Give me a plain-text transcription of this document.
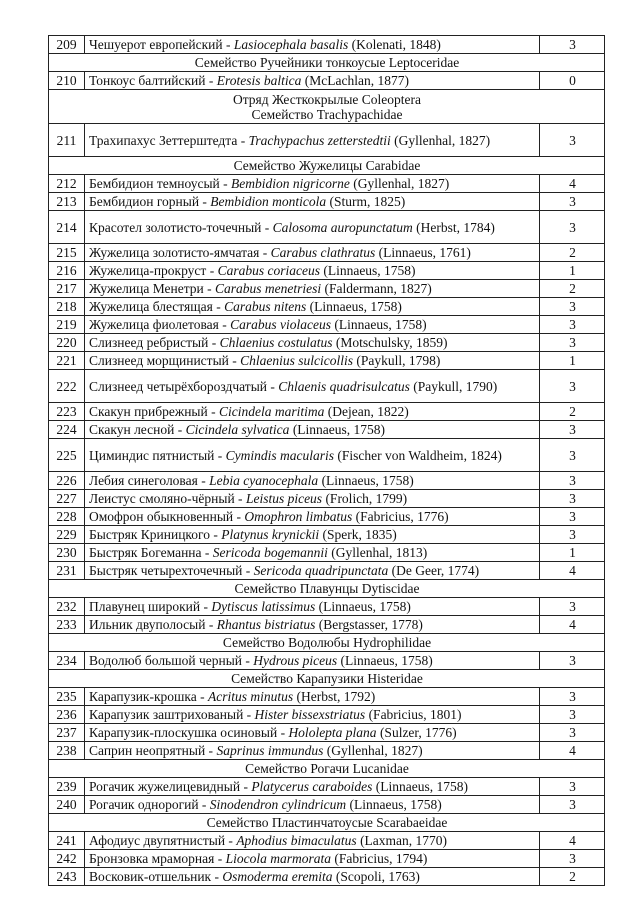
209	Чешуерот европейский - Lasiocephala basalis (Kolenati, 1848)	3

Семейство Ручейники тонкоусые Leptoceridae		

210	Тонкоус балтийский - Erotesis baltica (McLachlan, 1877)	0

Отряд Жесткокрылые Coleoptera
Семейство Trachypachidae		

211	Трахипахус Зеттерштедта - Trachypachus zetterstedtii (Gyllenhal, 1827)	3

Семейство Жужелицы Carabidae		

212	Бембидион темноусый - Bembidion nigricorne (Gyllenhal, 1827)	4
213	Бембидион горный - Bembidion monticola (Sturm, 1825)	3
214	Красотел золотисто-точечный - Calosoma auropunctatum (Herbst, 1784)	3
215	Жужелица золотисто-ямчатая - Carabus clathratus (Linnaeus, 1761)	2
216	Жужелица-прокруст - Carabus coriaceus (Linnaeus, 1758)	1
217	Жужелица Менетри - Carabus menetriesi (Faldermann, 1827)	2
218	Жужелица блестящая - Carabus nitens (Linnaeus, 1758)	3
219	Жужелица фиолетовая - Carabus violaceus (Linnaeus, 1758)	3
220	Слизнеед ребристый - Chlaenius costulatus (Motschulsky, 1859)	3
221	Слизнеед морщинистый - Chlaenius sulcicollis (Paykull, 1798)	1
222	Слизнеед четырёхбороздчатый - Chlaenis quadrisulcatus (Paykull, 1790)	3
223	Скакун прибрежный - Cicindela maritima (Dejean, 1822)	2
224	Скакун лесной - Cicindela sylvatica (Linnaeus, 1758)	3
225	Циминдис пятнистый - Cymindis macularis (Fischer von Waldheim, 1824)	3
226	Лебия синеголовая - Lebia cyanocephala (Linnaeus, 1758)	3
227	Леистус смоляно-чёрный - Leistus piceus (Frolich, 1799)	3
228	Омофрон обыкновенный - Omophron limbatus (Fabricius, 1776)	3
229	Быстряк Криницкого - Platynus krynickii (Sperk, 1835)	3
230	Быстряк Богеманна - Sericoda bogemannii (Gyllenhal, 1813)	1
231	Быстряк четырехточечный - Sericoda quadripunctata (De Geer, 1774)	4

Семейство Плавунцы Dytiscidae		

232	Плавунец широкий - Dytiscus latissimus (Linnaeus, 1758)	3
233	Ильник двуполосый - Rhantus bistriatus (Bergstasser, 1778)	4

Семейство Водолюбы Hydrophilidae		

234	Водолюб большой черный - Hydrous piceus (Linnaeus, 1758)	3

Семейство Карапузики Histeridae		

235	Карапузик-крошка - Acritus minutus (Herbst, 1792)	3
236	Карапузик заштрихованый - Hister bissexstriatus (Fabricius, 1801)	3
237	Карапузик-плоскушка осиновый - Hololepta plana (Sulzer, 1776)	3
238	Саприн неопрятный - Saprinus immundus (Gyllenhal, 1827)	4

Семейство Рогачи Lucanidae		

239	Рогачик жужелицевидный - Platycerus caraboides (Linnaeus, 1758)	3
240	Рогачик однорогий - Sinodendron cylindricum (Linnaeus, 1758)	3

Семейство Пластинчатоусые Scarabaeidae		

241	Афодиус двупятнистый - Aphodius bimaculatus (Laxman, 1770)	4
242	Бронзовка мраморная - Liocola marmorata (Fabricius, 1794)	3
243	Восковик-отшельник - Osmoderma eremita (Scopoli, 1763)	2
